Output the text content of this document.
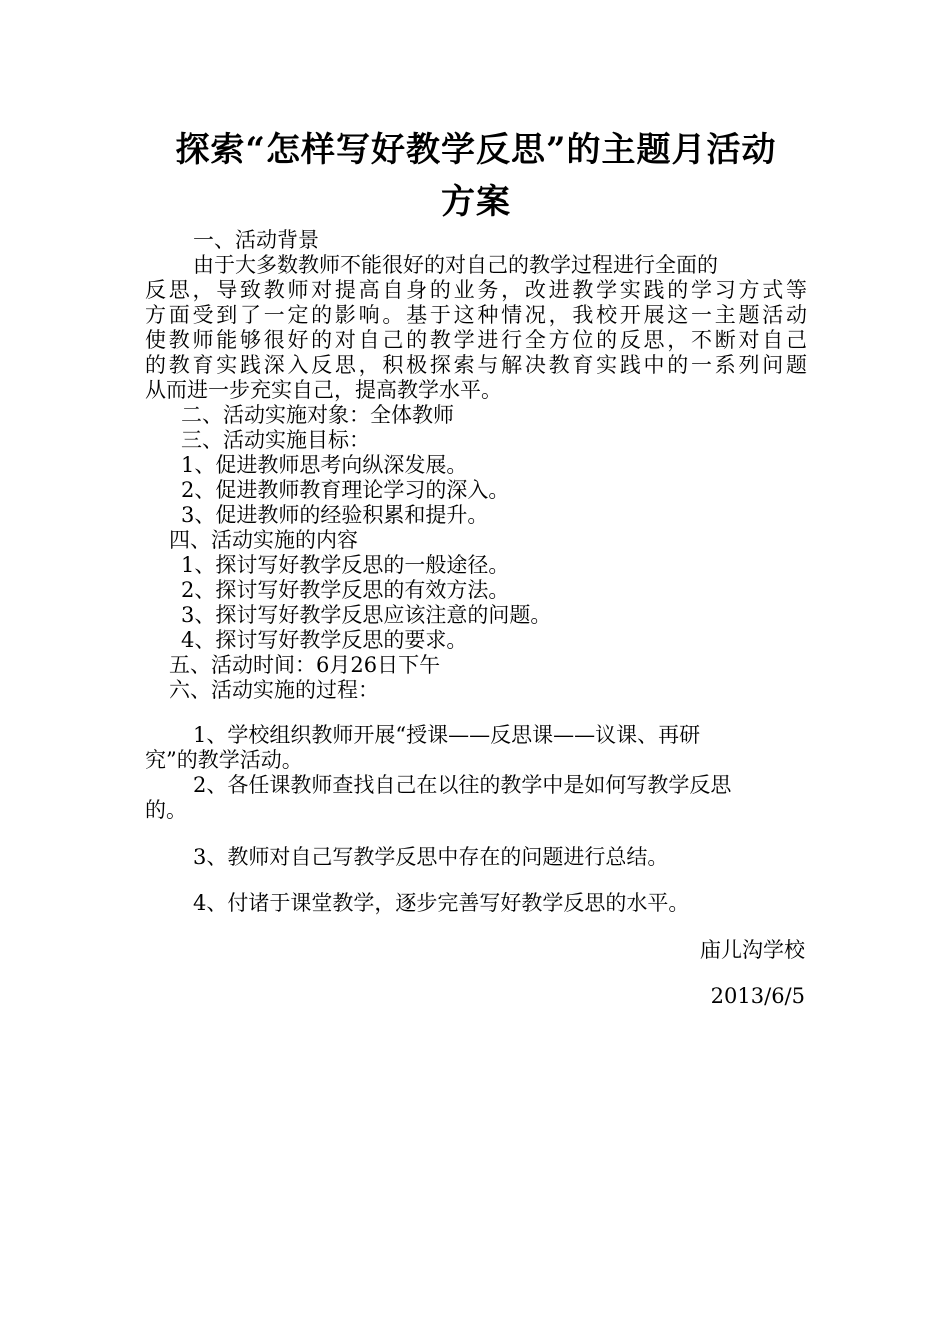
探索“怎样写好教学反思”的主题月活动
方案
一、活动背景
由于大多数教师不能很好的对自己的教学过程进行全面的
反思，导致教师对提高自身的业务，改进教学实践的学习方式等
方面受到了一定的影响。基于这种情况，我校开展这一主题活动
使教师能够很好的对自己的教学进行全方位的反思，不断对自己
的教育实践深入反思，积极探索与解决教育实践中的一系列问题
从而进一步充实自己，提高教学水平。
二、活动实施对象：全体教师
三、活动实施目标：
1、促进教师思考向纵深发展。
2、促进教师教育理论学习的深入。
3、促进教师的经验积累和提升。
四、活动实施的内容
1、探讨写好教学反思的一般途径。
2、探讨写好教学反思的有效方法。
3、探讨写好教学反思应该注意的问题。
4、探讨写好教学反思的要求。
五、活动时间：6月26日下午
六、活动实施的过程：
1、学校组织教师开展“授课——反思课——议课、再研
究”的教学活动。
2、各任课教师查找自己在以往的教学中是如何写教学反思
的。
3、教师对自己写教学反思中存在的问题进行总结。
4、付诸于课堂教学，逐步完善写好教学反思的水平。
庙儿沟学校
2013/6/5
